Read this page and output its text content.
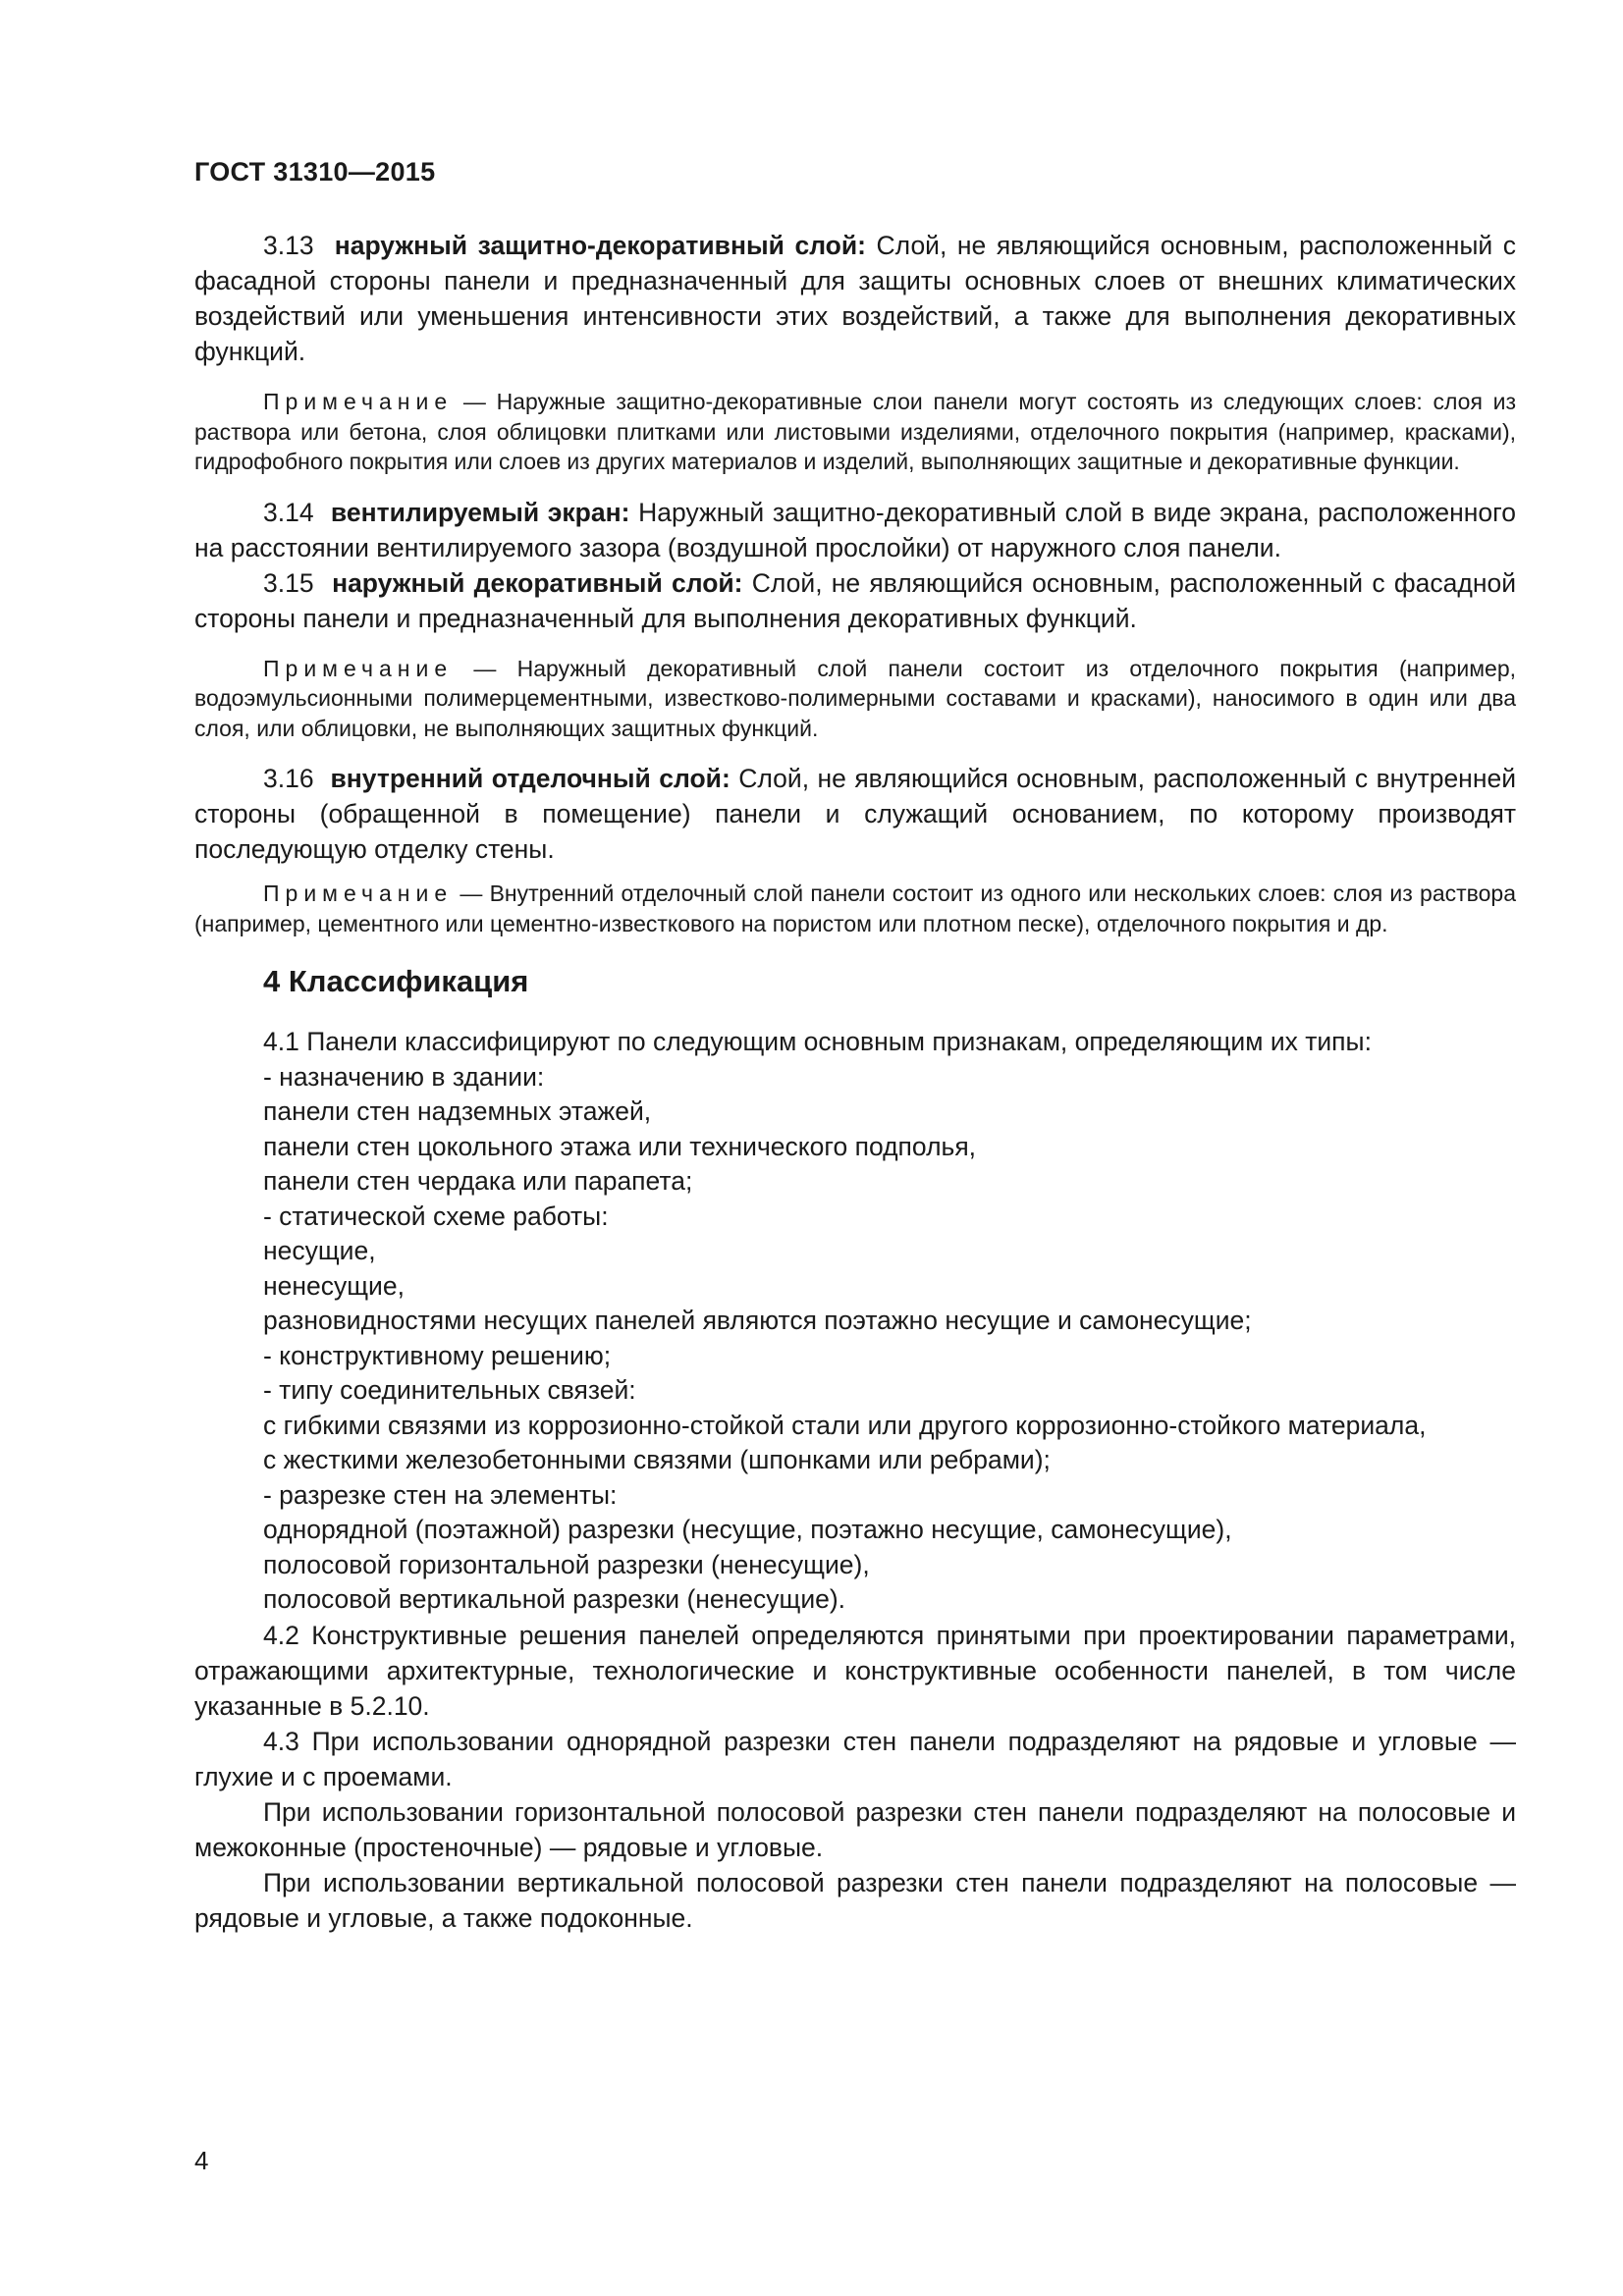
ГОСТ 31310—2015

3.13 наружный защитно-декоративный слой: Слой, не являющийся основным, расположенный с фасадной стороны панели и предназначенный для защиты основных слоев от внешних климатических воздействий или уменьшения интенсивности этих воздействий, а также для выполнения декоративных функций.

Примечание — Наружные защитно-декоративные слои панели могут состоять из следующих слоев: слоя из раствора или бетона, слоя облицовки плитками или листовыми изделиями, отделочного покрытия (например, красками), гидрофобного покрытия или слоев из других материалов и изделий, выполняющих защитные и декоративные функции.

3.14 вентилируемый экран: Наружный защитно-декоративный слой в виде экрана, расположенного на расстоянии вентилируемого зазора (воздушной прослойки) от наружного слоя панели.

3.15 наружный декоративный слой: Слой, не являющийся основным, расположенный с фасадной стороны панели и предназначенный для выполнения декоративных функций.

Примечание — Наружный декоративный слой панели состоит из отделочного покрытия (например, водоэмульсионными полимерцементными, известково-полимерными составами и красками), наносимого в один или два слоя, или облицовки, не выполняющих защитных функций.

3.16 внутренний отделочный слой: Слой, не являющийся основным, расположенный с внутренней стороны (обращенной в помещение) панели и служащий основанием, по которому производят последующую отделку стены.

Примечание — Внутренний отделочный слой панели состоит из одного или нескольких слоев: слоя из раствора (например, цементного или цементно-известкового на пористом или плотном песке), отделочного покрытия и др.

4 Классификация

4.1 Панели классифицируют по следующим основным признакам, определяющим их типы:

- назначению в здании:

панели стен надземных этажей,

панели стен цокольного этажа или технического подполья,

панели стен чердака или парапета;

- статической схеме работы:

несущие,

ненесущие,

разновидностями несущих панелей являются поэтажно несущие и самонесущие;

- конструктивному решению;

- типу соединительных связей:

с гибкими связями из коррозионно-стойкой стали или другого коррозионно-стойкого материала,

с жесткими железобетонными связями (шпонками или ребрами);

- разрезке стен на элементы:

однорядной (поэтажной) разрезки (несущие, поэтажно несущие, самонесущие),

полосовой горизонтальной разрезки (ненесущие),

полосовой вертикальной разрезки (ненесущие).

4.2 Конструктивные решения панелей определяются принятыми при проектировании параметрами, отражающими архитектурные, технологические и конструктивные особенности панелей, в том числе указанные в 5.2.10.

4.3 При использовании однорядной разрезки стен панели подразделяют на рядовые и угловые — глухие и с проемами.

При использовании горизонтальной полосовой разрезки стен панели подразделяют на полосовые и межоконные (простеночные) — рядовые и угловые.

При использовании вертикальной полосовой разрезки стен панели подразделяют на полосовые — рядовые и угловые, а также подоконные.

4
